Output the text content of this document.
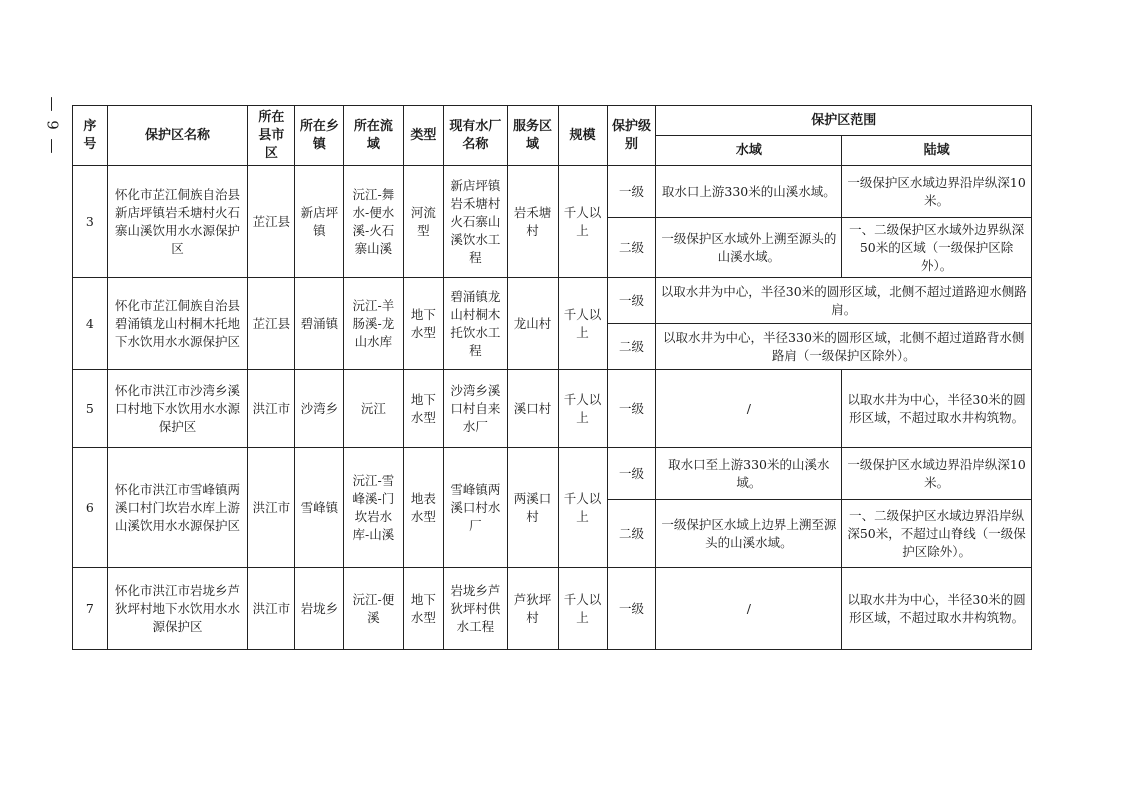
— 9 — 序号	保护区名称	所在县市区	所在乡镇	所在流域	类型	现有水厂名称	服务区域	规模	保护级别	保护区范围	
										水域	陆域
3	怀化市芷江侗族自治县新店坪镇岩禾塘村火石寨山溪饮用水水源保护区	芷江县	新店坪镇	沅江-舞水-便水溪-火石寨山溪	河流型	新店坪镇岩禾塘村火石寨山溪饮水工程	岩禾塘村	千人以上	一级	取水口上游330米的山溪水域。	一级保护区水域边界沿岸纵深10米。
									二级	一级保护区水域外上溯至源头的山溪水域。	一、二级保护区水域外边界纵深50米的区域（一级保护区除外）。
4	怀化市芷江侗族自治县碧涌镇龙山村桐木托地下水饮用水水源保护区	芷江县	碧涌镇	沅江-羊肠溪-龙山水库	地下水型	碧涌镇龙山村桐木托饮水工程	龙山村	千人以上	一级	以取水井为中心，半径30米的圆形区域，北侧不超过道路迎水侧路肩。	
									二级	以取水井为中心，半径330米的圆形区域，北侧不超过道路背水侧路肩（一级保护区除外）。	
5	怀化市洪江市沙湾乡溪口村地下水饮用水水源保护区	洪江市	沙湾乡	沅江	地下水型	沙湾乡溪口村自来水厂	溪口村	千人以上	一级	/	以取水井为中心，半径30米的圆形区域，不超过取水井构筑物。
6	怀化市洪江市雪峰镇两溪口村门坎岩水库上游山溪饮用水水源保护区	洪江市	雪峰镇	沅江-雪峰溪-门坎岩水库-山溪	地表水型	雪峰镇两溪口村水厂	两溪口村	千人以上	一级	取水口至上游330米的山溪水域。	一级保护区水域边界沿岸纵深10米。
									二级	一级保护区水域上边界上溯至源头的山溪水域。	一、二级保护区水域边界沿岸纵深50米，不超过山脊线（一级保护区除外）。
7	怀化市洪江市岩垅乡芦狄坪村地下水饮用水水源保护区	洪江市	岩垅乡	沅江-便溪	地下水型	岩垅乡芦狄坪村供水工程	芦狄坪村	千人以上	一级	/	以取水井为中心，半径30米的圆形区域，不超过取水井构筑物。
